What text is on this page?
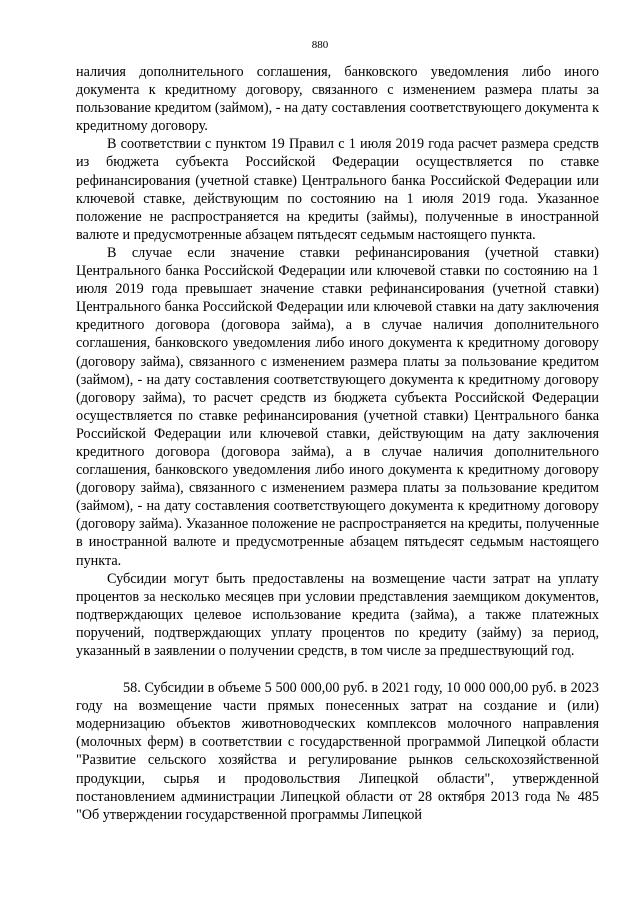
880

наличия дополнительного соглашения, банковского уведомления либо иного документа к кредитному договору, связанного с изменением размера платы за пользование кредитом (займом), - на дату составления соответствующего документа к кредитному договору.

В соответствии с пунктом 19 Правил с 1 июля 2019 года расчет размера средств из бюджета субъекта Российской Федерации осуществляется по ставке рефинансирования (учетной ставке) Центрального банка Российской Федерации или ключевой ставке, действующим по состоянию на 1 июля 2019 года. Указанное положение не распространяется на кредиты (займы), полученные в иностранной валюте и предусмотренные абзацем пятьдесят седьмым настоящего пункта.

В случае если значение ставки рефинансирования (учетной ставки) Центрального банка Российской Федерации или ключевой ставки по состоянию на 1 июля 2019 года превышает значение ставки рефинансирования (учетной ставки) Центрального банка Российской Федерации или ключевой ставки на дату заключения кредитного договора (договора займа), а в случае наличия дополнительного соглашения, банковского уведомления либо иного документа к кредитному договору (договору займа), связанного с изменением размера платы за пользование кредитом (займом), - на дату составления соответствующего документа к кредитному договору (договору займа), то расчет средств из бюджета субъекта Российской Федерации осуществляется по ставке рефинансирования (учетной ставки) Центрального банка Российской Федерации или ключевой ставки, действующим на дату заключения кредитного договора (договора займа), а в случае наличия дополнительного соглашения, банковского уведомления либо иного документа к кредитному договору (договору займа), связанного с изменением размера платы за пользование кредитом (займом), - на дату составления соответствующего документа к кредитному договору (договору займа). Указанное положение не распространяется на кредиты, полученные в иностранной валюте и предусмотренные абзацем пятьдесят седьмым настоящего пункта.

Субсидии могут быть предоставлены на возмещение части затрат на уплату процентов за несколько месяцев при условии представления заемщиком документов, подтверждающих целевое использование кредита (займа), а также платежных поручений, подтверждающих уплату процентов по кредиту (займу) за период, указанный в заявлении о получении средств, в том числе за предшествующий год.

58. Субсидии в объеме 5 500 000,00 руб. в 2021 году, 10 000 000,00 руб. в 2023 году на возмещение части прямых понесенных затрат на создание и (или) модернизацию объектов животноводческих комплексов молочного направления (молочных ферм) в соответствии с государственной программой Липецкой области "Развитие сельского хозяйства и регулирование рынков сельскохозяйственной продукции, сырья и продовольствия Липецкой области", утвержденной постановлением администрации Липецкой области от 28 октября 2013 года № 485 "Об утверждении государственной программы Липецкой
